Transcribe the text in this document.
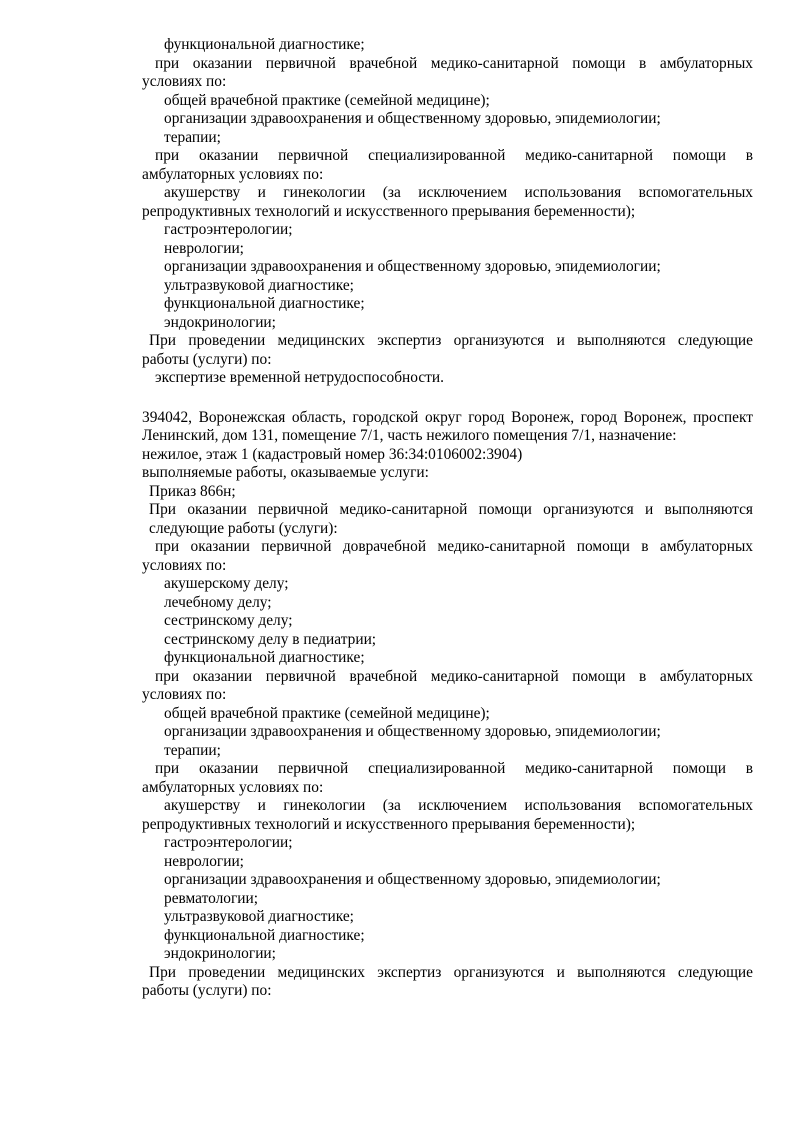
функциональной диагностике;
при оказании первичной врачебной медико-санитарной помощи в амбулаторных
условиях по:
общей врачебной практике (семейной медицине);
организации здравоохранения и общественному здоровью, эпидемиологии;
терапии;
при оказании первичной специализированной медико-санитарной помощи в
амбулаторных условиях по:
акушерству и гинекологии (за исключением использования вспомогательных
репродуктивных технологий и искусственного прерывания беременности);
гастроэнтерологии;
неврологии;
организации здравоохранения и общественному здоровью, эпидемиологии;
ультразвуковой диагностике;
функциональной диагностике;
эндокринологии;
При проведении медицинских экспертиз организуются и выполняются следующие
работы (услуги) по:
экспертизе временной нетрудоспособности.
394042, Воронежская область, городской округ город Воронеж, город Воронеж, проспект
Ленинский, дом 131, помещение 7/1, часть нежилого помещения 7/1, назначение:
нежилое, этаж 1 (кадастровый номер 36:34:0106002:3904)
выполняемые работы, оказываемые услуги:
Приказ 866н;
При оказании первичной медико-санитарной помощи организуются и выполняются
следующие работы (услуги):
при оказании первичной доврачебной медико-санитарной помощи в амбулаторных
условиях по:
акушерскому делу;
лечебному делу;
сестринскому делу;
сестринскому делу в педиатрии;
функциональной диагностике;
при оказании первичной врачебной медико-санитарной помощи в амбулаторных
условиях по:
общей врачебной практике (семейной медицине);
организации здравоохранения и общественному здоровью, эпидемиологии;
терапии;
при оказании первичной специализированной медико-санитарной помощи в
амбулаторных условиях по:
акушерству и гинекологии (за исключением использования вспомогательных
репродуктивных технологий и искусственного прерывания беременности);
гастроэнтерологии;
неврологии;
организации здравоохранения и общественному здоровью, эпидемиологии;
ревматологии;
ультразвуковой диагностике;
функциональной диагностике;
эндокринологии;
При проведении медицинских экспертиз организуются и выполняются следующие
работы (услуги) по:
